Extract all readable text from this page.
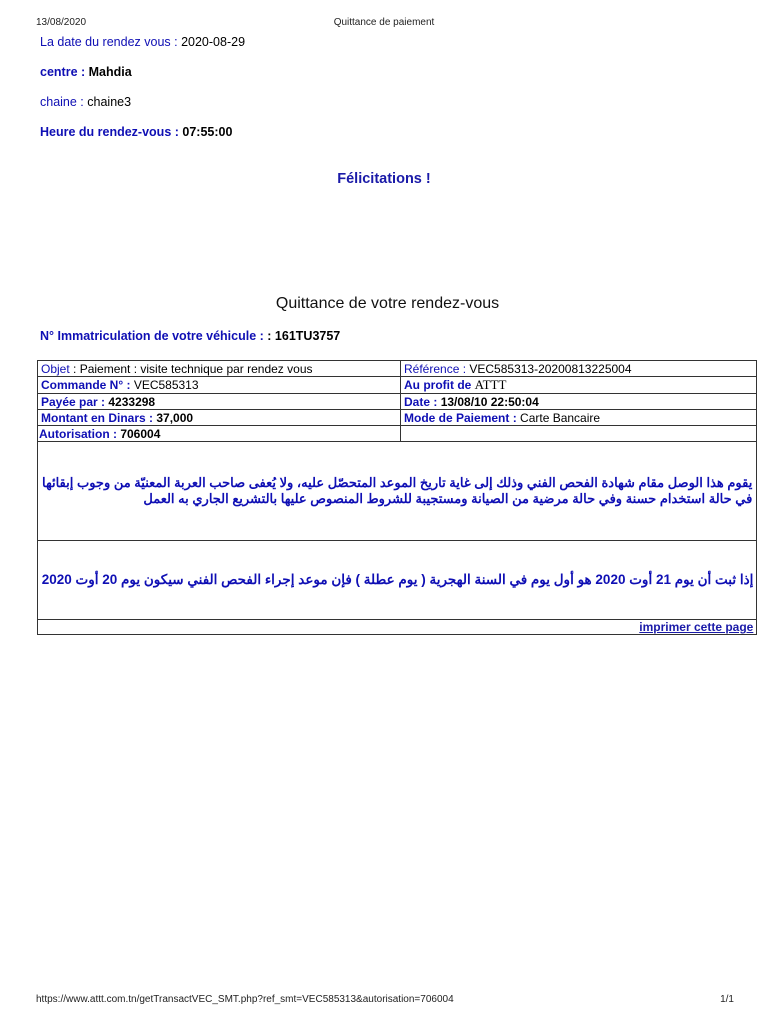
13/08/2020	Quittance de paiement
La date du rendez vous : 2020-08-29
centre : Mahdia
chaine : chaine3
Heure du rendez-vous : 07:55:00
Félicitations !
Quittance de votre rendez-vous
N° Immatriculation de votre véhicule : : 161TU3757
Objet : Paiement : visite technique par rendez vous	Référence : VEC585313-20200813225004
Commande N° : VEC585313	Au profit de ATTT
Payée par : 4233298	Date : 13/08/10 22:50:04
Montant en Dinars : 37,000	Mode de Paiement : Carte Bancaire
Autorisation : 706004	

يقوم هذا الوصل مقام شهادة الفحص الفني وذلك إلى غاية تاريخ الموعد المتحصّل عليه، ولا يُعفى صاحب العربة المعنيّة من وجوب إبقائها
في حالة استخدام حسنة وفي حالة مرضية من الصيانة ومستجيبة للشروط المنصوص عليها بالتشريع الجاري به العمل	

إذا ثبت أن يوم 21 أوت 2020 هو أول يوم في السنة الهجرية ( يوم عطلة ) فإن موعد إجراء الفحص الفني سيكون يوم 20 أوت 2020	
imprimer cette page	
https://www.attt.com.tn/getTransactVEC_SMT.php?ref_smt=VEC585313&autorisation=706004	1/1
